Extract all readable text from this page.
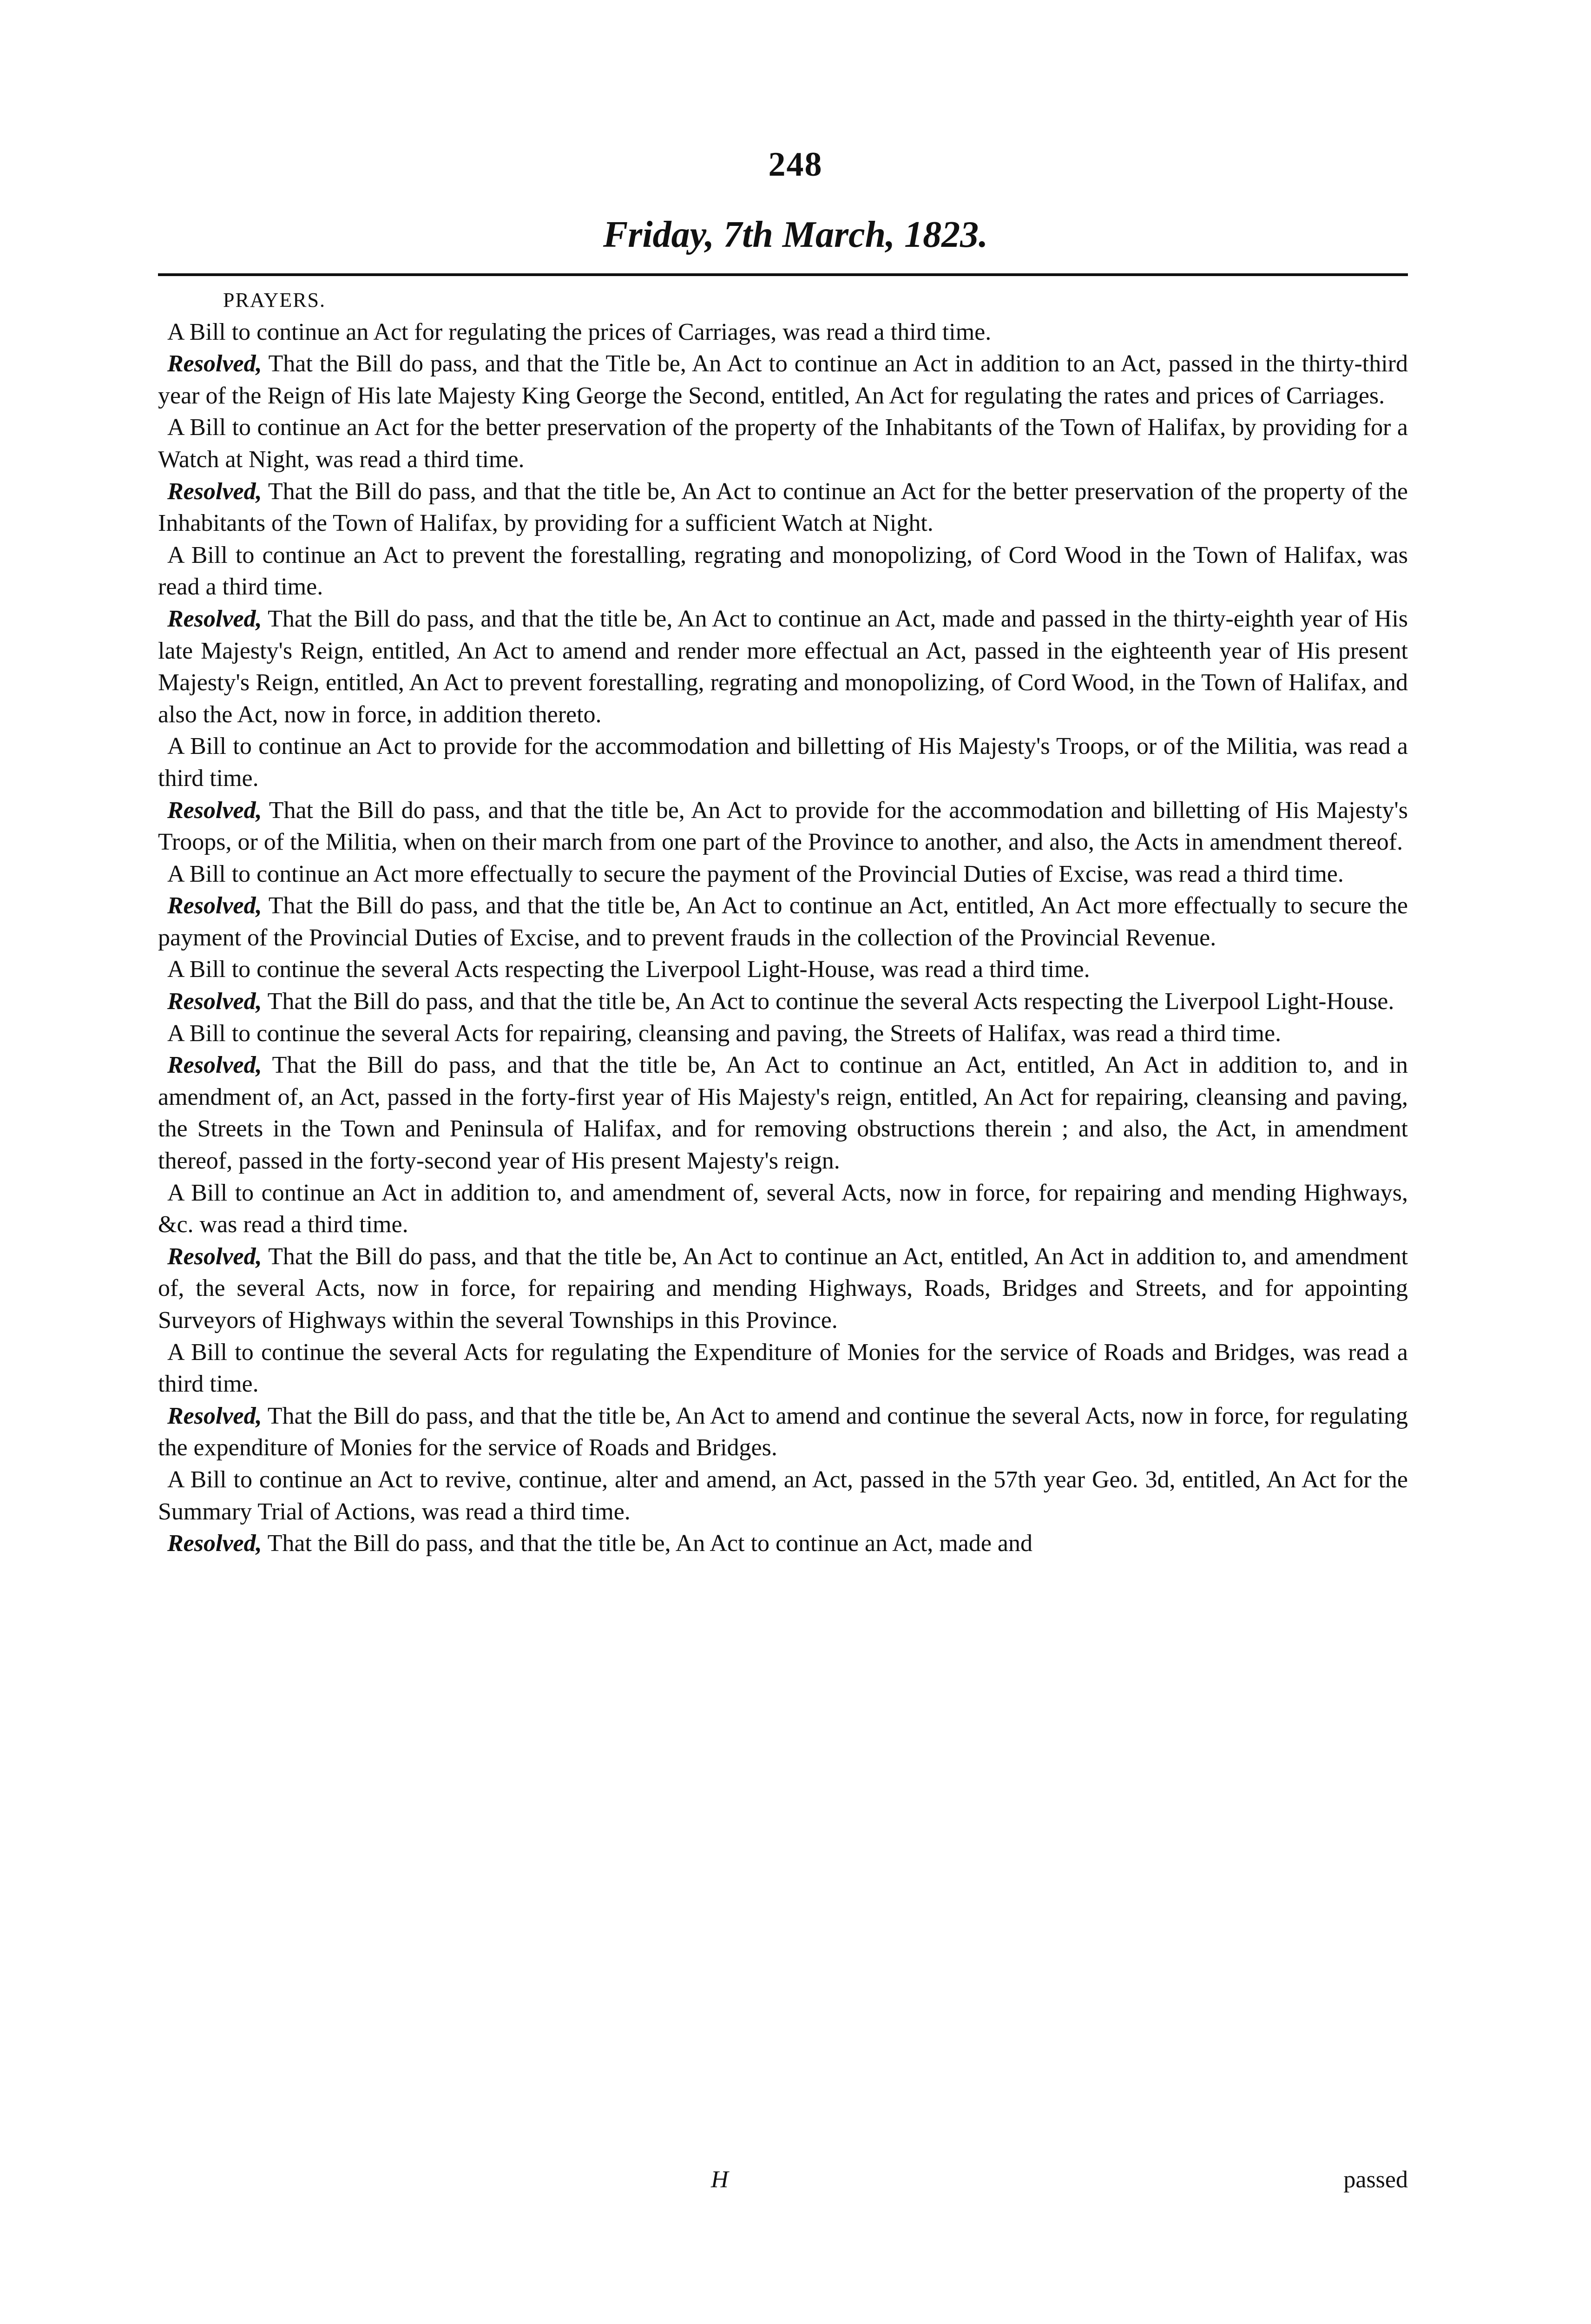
248
Friday, 7th March, 1823.

PRAYERS.

A Bill to continue an Act for regulating the prices of Carriages, was read a third time.

Resolved, That the Bill do pass, and that the Title be, An Act to continue an Act in addition to an Act, passed in the thirty-third year of the Reign of His late Majesty King George the Second, entitled, An Act for regulating the rates and prices of Carriages.

A Bill to continue an Act for the better preservation of the property of the Inhabitants of the Town of Halifax, by providing for a Watch at Night, was read a third time.

Resolved, That the Bill do pass, and that the title be, An Act to continue an Act for the better preservation of the property of the Inhabitants of the Town of Halifax, by providing for a sufficient Watch at Night.

A Bill to continue an Act to prevent the forestalling, regrating and monopolizing, of Cord Wood in the Town of Halifax, was read a third time.

Resolved, That the Bill do pass, and that the title be, An Act to continue an Act, made and passed in the thirty-eighth year of His late Majesty's Reign, entitled, An Act to amend and render more effectual an Act, passed in the eighteenth year of His present Majesty's Reign, entitled, An Act to prevent forestalling, regrating and monopolizing, of Cord Wood, in the Town of Halifax, and also the Act, now in force, in addition thereto.

A Bill to continue an Act to provide for the accommodation and billetting of His Majesty's Troops, or of the Militia, was read a third time.

Resolved, That the Bill do pass, and that the title be, An Act to provide for the accommodation and billetting of His Majesty's Troops, or of the Militia, when on their march from one part of the Province to another, and also, the Acts in amendment thereof.

A Bill to continue an Act more effectually to secure the payment of the Provincial Duties of Excise, was read a third time.

Resolved, That the Bill do pass, and that the title be, An Act to continue an Act, entitled, An Act more effectually to secure the payment of the Provincial Duties of Excise, and to prevent frauds in the collection of the Provincial Revenue.

A Bill to continue the several Acts respecting the Liverpool Light-House, was read a third time.

Resolved, That the Bill do pass, and that the title be, An Act to continue the several Acts respecting the Liverpool Light-House.

A Bill to continue the several Acts for repairing, cleansing and paving, the Streets of Halifax, was read a third time.

Resolved, That the Bill do pass, and that the title be, An Act to continue an Act, entitled, An Act in addition to, and in amendment of, an Act, passed in the forty-first year of His Majesty's reign, entitled, An Act for repairing, cleansing and paving, the Streets in the Town and Peninsula of Halifax, and for removing obstructions therein ; and also, the Act, in amendment thereof, passed in the forty-second year of His present Majesty's reign.

A Bill to continue an Act in addition to, and amendment of, several Acts, now in force, for repairing and mending Highways, &c. was read a third time.

Resolved, That the Bill do pass, and that the title be, An Act to continue an Act, entitled, An Act in addition to, and amendment of, the several Acts, now in force, for repairing and mending Highways, Roads, Bridges and Streets, and for appointing Surveyors of Highways within the several Townships in this Province.

A Bill to continue the several Acts for regulating the Expenditure of Monies for the service of Roads and Bridges, was read a third time.

Resolved, That the Bill do pass, and that the title be, An Act to amend and continue the several Acts, now in force, for regulating the expenditure of Monies for the service of Roads and Bridges.

A Bill to continue an Act to revive, continue, alter and amend, an Act, passed in the 57th year Geo. 3d, entitled, An Act for the Summary Trial of Actions, was read a third time.

Resolved, That the Bill do pass, and that the title be, An Act to continue an Act, made and

H	passed
